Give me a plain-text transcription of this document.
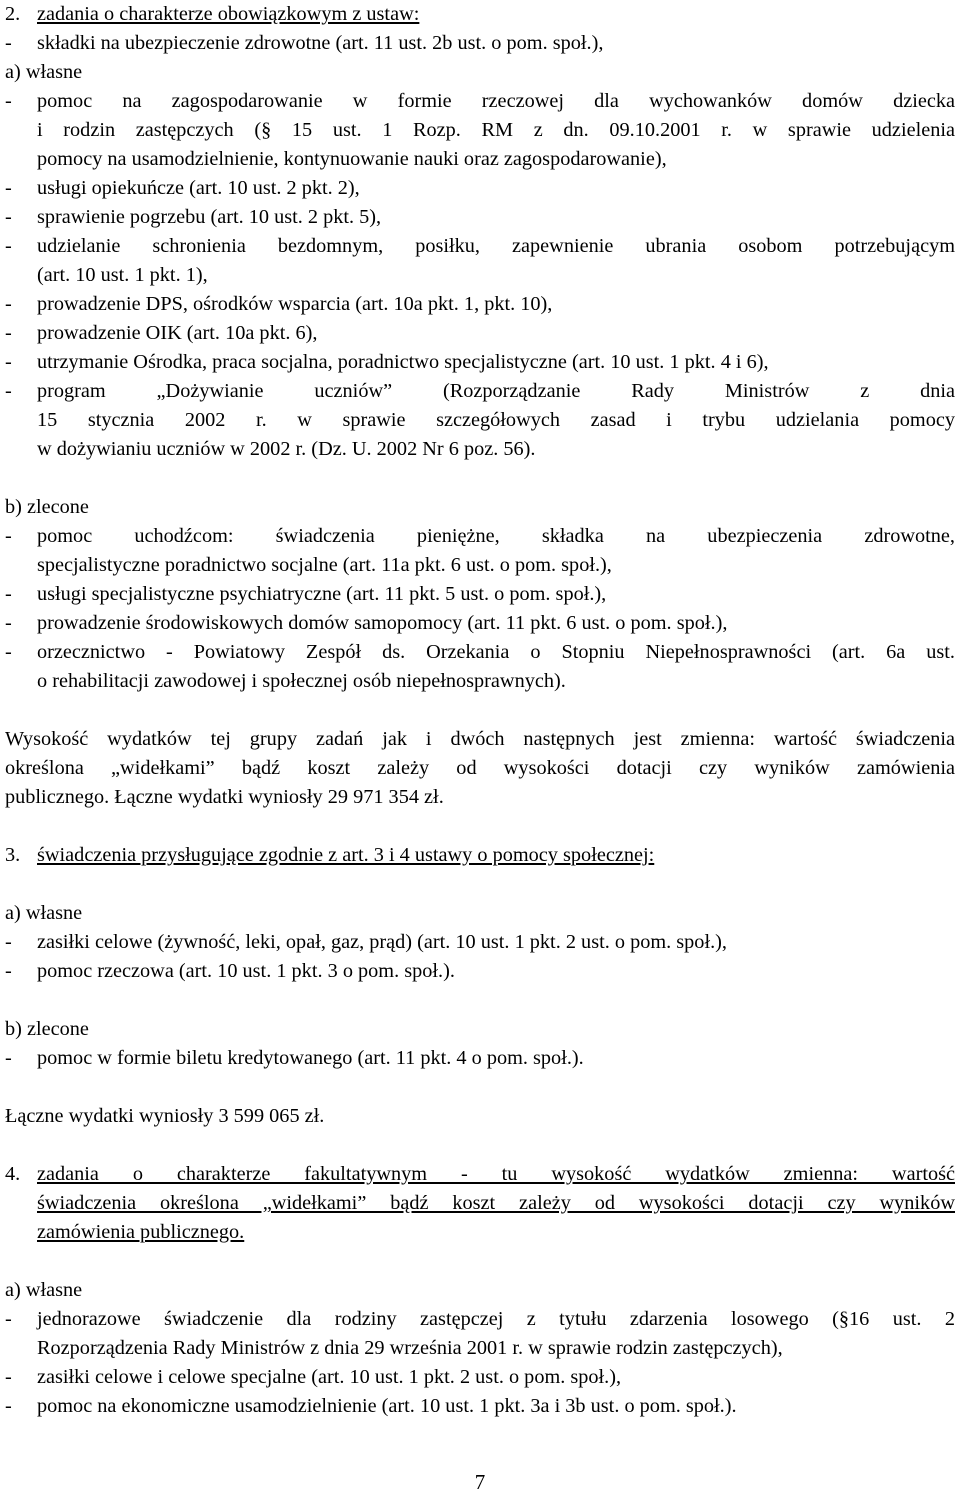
2. zadania o charakterze obowiązkowym z ustaw:
-	składki na ubezpieczenie zdrowotne (art. 11 ust. 2b ust. o pom. społ.),
a) własne
-	pomoc na zagospodarowanie w formie rzeczowej dla wychowanków domów dziecka
i rodzin zastępczych (§ 15 ust. 1 Rozp. RM z dn. 09.10.2001 r. w sprawie udzielenia
pomocy na usamodzielnienie, kontynuowanie nauki oraz zagospodarowanie),
-	usługi opiekuńcze (art. 10 ust. 2 pkt. 2),
-	sprawienie pogrzebu (art. 10 ust. 2 pkt. 5),
-	udzielanie schronienia bezdomnym, posiłku, zapewnienie ubrania osobom potrzebującym
(art. 10 ust. 1 pkt. 1),
-	prowadzenie DPS, ośrodków wsparcia (art. 10a pkt. 1, pkt. 10),
-	prowadzenie OIK (art. 10a pkt. 6),
-	utrzymanie Ośrodka, praca socjalna, poradnictwo specjalistyczne (art. 10 ust. 1 pkt. 4 i 6),
-	program „Dożywianie uczniów” (Rozporządzanie Rady Ministrów z dnia
15 stycznia 2002 r. w sprawie szczegółowych zasad i trybu udzielania pomocy
w dożywianiu uczniów w 2002 r. (Dz. U. 2002 Nr 6 poz. 56).
b) zlecone
-	pomoc uchodźcom: świadczenia pieniężne, składka na ubezpieczenia zdrowotne,
specjalistyczne poradnictwo socjalne (art. 11a pkt. 6 ust. o pom. społ.),
-	usługi specjalistyczne psychiatryczne (art. 11 pkt. 5 ust. o pom. społ.),
-	prowadzenie środowiskowych domów samopomocy (art. 11 pkt. 6 ust. o pom. społ.),
-	orzecznictwo - Powiatowy Zespół ds. Orzekania o Stopniu Niepełnosprawności (art. 6a ust.
o rehabilitacji zawodowej i społecznej osób niepełnosprawnych).
Wysokość wydatków tej grupy zadań jak i dwóch następnych jest zmienna: wartość świadczenia
określona „widełkami” bądź koszt zależy od wysokości dotacji czy wyników zamówienia
publicznego. Łączne wydatki wyniosły 29 971 354 zł.
3. świadczenia przysługujące zgodnie z art. 3 i 4 ustawy o pomocy społecznej:
a) własne
-	zasiłki celowe (żywność, leki, opał, gaz, prąd) (art. 10 ust. 1 pkt. 2 ust. o pom. społ.),
-	pomoc rzeczowa (art. 10 ust. 1 pkt. 3 o pom. społ.).
b) zlecone
-	pomoc w formie biletu kredytowanego (art. 11 pkt. 4 o pom. społ.).
Łączne wydatki wyniosły 3 599 065 zł.
4. zadania o charakterze fakultatywnym - tu wysokość wydatków zmienna: wartość
świadczenia określona „widełkami” bądź koszt zależy od wysokości dotacji czy wyników
zamówienia publicznego.
a) własne
-	jednorazowe świadczenie dla rodziny zastępczej z tytułu zdarzenia losowego (§16 ust. 2
Rozporządzenia Rady Ministrów z dnia 29 września 2001 r. w sprawie rodzin zastępczych),
-	zasiłki celowe i celowe specjalne (art. 10 ust. 1 pkt. 2 ust. o pom. społ.),
-	pomoc na ekonomiczne usamodzielnienie (art. 10 ust. 1 pkt. 3a i 3b ust. o pom. społ.).
7
